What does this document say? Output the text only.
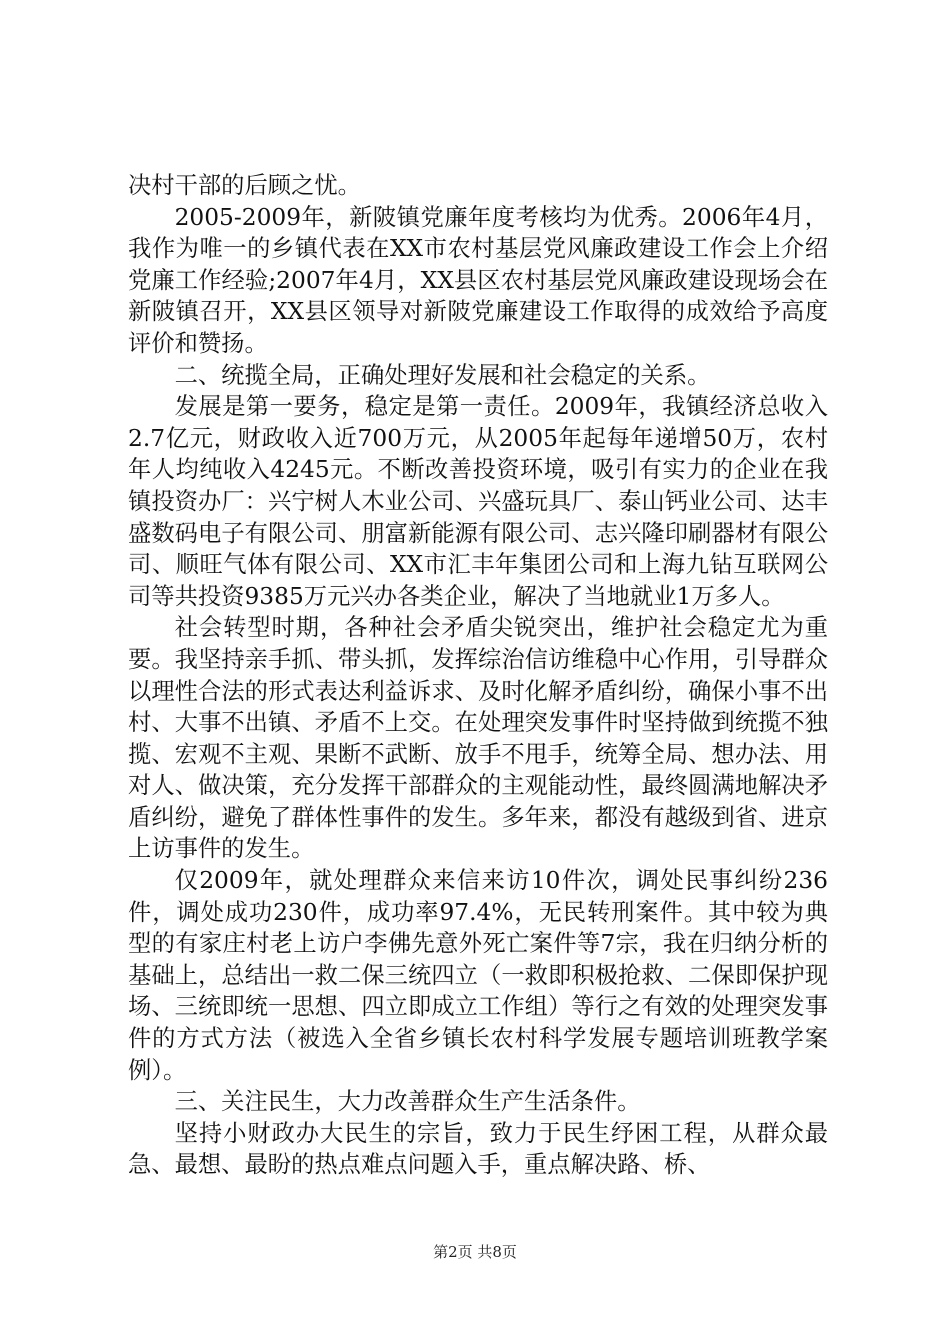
决村干部的后顾之忧。

2005-2009年，新陂镇党廉年度考核均为优秀。2006年4月，我作为唯一的乡镇代表在XX市农村基层党风廉政建设工作会上介绍党廉工作经验;2007年4月，XX县区农村基层党风廉政建设现场会在新陂镇召开，XX县区领导对新陂党廉建设工作取得的成效给予高度评价和赞扬。

二、统揽全局，正确处理好发展和社会稳定的关系。

发展是第一要务，稳定是第一责任。2009年，我镇经济总收入2.7亿元，财政收入近700万元，从2005年起每年递增50万，农村年人均纯收入4245元。不断改善投资环境，吸引有实力的企业在我镇投资办厂：兴宁树人木业公司、兴盛玩具厂、泰山钙业公司、达丰盛数码电子有限公司、朋富新能源有限公司、志兴隆印刷器材有限公司、顺旺气体有限公司、XX市汇丰年集团公司和上海九钻互联网公司等共投资9385万元兴办各类企业，解决了当地就业1万多人。

社会转型时期，各种社会矛盾尖锐突出，维护社会稳定尤为重要。我坚持亲手抓、带头抓，发挥综治信访维稳中心作用，引导群众以理性合法的形式表达利益诉求、及时化解矛盾纠纷，确保小事不出村、大事不出镇、矛盾不上交。在处理突发事件时坚持做到统揽不独揽、宏观不主观、果断不武断、放手不甩手，统筹全局、想办法、用对人、做决策，充分发挥干部群众的主观能动性，最终圆满地解决矛盾纠纷，避免了群体性事件的发生。多年来，都没有越级到省、进京上访事件的发生。

仅2009年，就处理群众来信来访10件次，调处民事纠纷236件，调处成功230件，成功率97.4%，无民转刑案件。其中较为典型的有家庄村老上访户李佛先意外死亡案件等7宗，我在归纳分析的基础上，总结出一救二保三统四立（一救即积极抢救、二保即保护现场、三统即统一思想、四立即成立工作组）等行之有效的处理突发事件的方式方法（被选入全省乡镇长农村科学发展专题培训班教学案例）。

三、关注民生，大力改善群众生产生活条件。

坚持小财政办大民生的宗旨，致力于民生纾困工程，从群众最急、最想、最盼的热点难点问题入手，重点解决路、桥、

第2页 共8页
